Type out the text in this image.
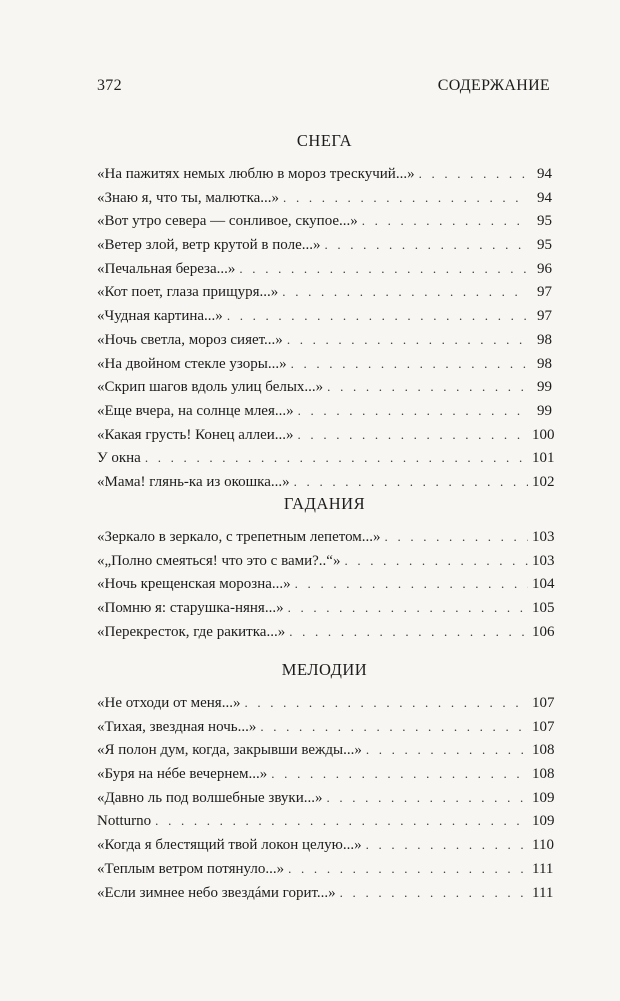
372	СОДЕРЖАНИЕ
СНЕГА
«На пажитях немых люблю в мороз трескучий...» . . .	94
«Знаю я, что ты, малютка...» . . .	94
«Вот утро севера — сонливое, скупое...» . . .	95
«Ветер злой, ветр крутой в поле...» . . .	95
«Печальная береза...» . . .	96
«Кот поет, глаза прищуря...» . . .	97
«Чудная картина...» . . .	97
«Ночь светла, мороз сияет...» . . .	98
«На двойном стекле узоры...» . . .	98
«Скрип шагов вдоль улиц белых...» . . .	99
«Еще вчера, на солнце млея...» . . .	99
«Какая грусть! Конец аллеи...» . . .	100
У окна . . .	101
«Мама! глянь-ка из окошка...» . . .	102
ГАДАНИЯ
«Зеркало в зеркало, с трепетным лепетом...» . . .	103
«„Полно смеяться! что это с вами?..“» . . .	103
«Ночь крещенская морозна...» . . .	104
«Помню я: старушка-няня...» . . .	105
«Перекресток, где ракитка...» . . .	106
МЕЛОДИИ
«Не отходи от меня...» . . .	107
«Тихая, звездная ночь...» . . .	107
«Я полон дум, когда, закрывши вежды...» . . .	108
«Буря на нéбе вечернем...» . . .	108
«Давно ль под волшебные звуки...» . . .	109
Notturno . . .	109
«Когда я блестящий твой локон целую...» . . .	110
«Теплым ветром потянуло...» . . .	111
«Если зимнее небо звездáми горит...» . . .	111
